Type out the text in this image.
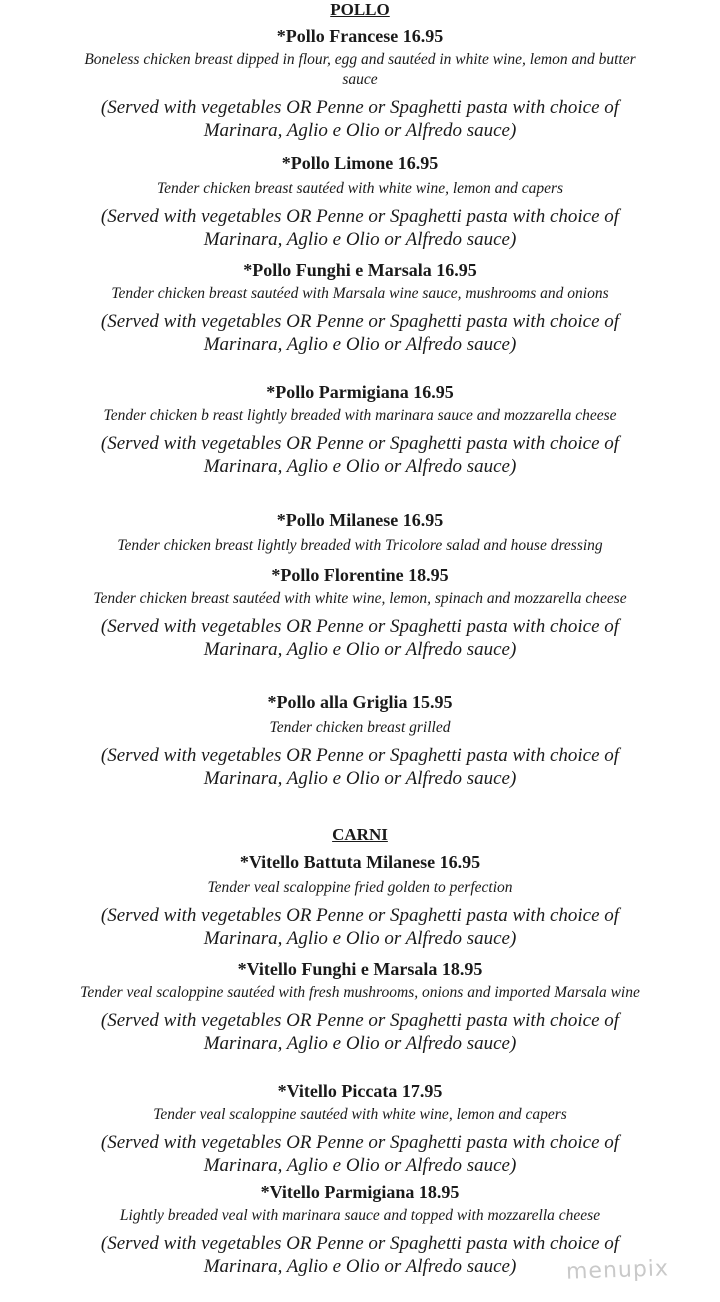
POLLO
*Pollo Francese 16.95
Boneless chicken breast dipped in flour, egg and sautéed in white wine, lemon and butter sauce
(Served with vegetables OR Penne or Spaghetti pasta with choice of Marinara, Aglio e Olio or Alfredo sauce)
*Pollo Limone 16.95
Tender chicken breast sautéed with white wine, lemon and capers
(Served with vegetables OR Penne or Spaghetti pasta with choice of Marinara, Aglio e Olio or Alfredo sauce)
*Pollo Funghi e Marsala 16.95
Tender chicken breast sautéed with Marsala wine sauce, mushrooms and onions
(Served with vegetables OR Penne or Spaghetti pasta with choice of Marinara, Aglio e Olio or Alfredo sauce)
*Pollo Parmigiana 16.95
Tender chicken b reast lightly breaded with marinara sauce and mozzarella cheese
(Served with vegetables OR Penne or Spaghetti pasta with choice of Marinara, Aglio e Olio or Alfredo sauce)
*Pollo Milanese 16.95
Tender chicken breast lightly breaded with Tricolore salad and house dressing
*Pollo Florentine 18.95
Tender chicken breast sautéed with white wine, lemon, spinach and mozzarella cheese
(Served with vegetables OR Penne or Spaghetti pasta with choice of Marinara, Aglio e Olio or Alfredo sauce)
*Pollo alla Griglia 15.95
Tender chicken breast grilled
(Served with vegetables OR Penne or Spaghetti pasta with choice of Marinara, Aglio e Olio or Alfredo sauce)
CARNI
*Vitello Battuta Milanese 16.95
Tender veal scaloppine fried golden to perfection
(Served with vegetables OR Penne or Spaghetti pasta with choice of Marinara, Aglio e Olio or Alfredo sauce)
*Vitello Funghi e Marsala 18.95
Tender veal scaloppine sautéed with fresh mushrooms, onions and imported Marsala wine
(Served with vegetables OR Penne or Spaghetti pasta with choice of Marinara, Aglio e Olio or Alfredo sauce)
*Vitello Piccata 17.95
Tender veal scaloppine sautéed with white wine, lemon and capers
(Served with vegetables OR Penne or Spaghetti pasta with choice of Marinara, Aglio e Olio or Alfredo sauce)
*Vitello Parmigiana 18.95
Lightly breaded veal with marinara sauce and topped with mozzarella cheese
(Served with vegetables OR Penne or Spaghetti pasta with choice of Marinara, Aglio e Olio or Alfredo sauce)	menupix
